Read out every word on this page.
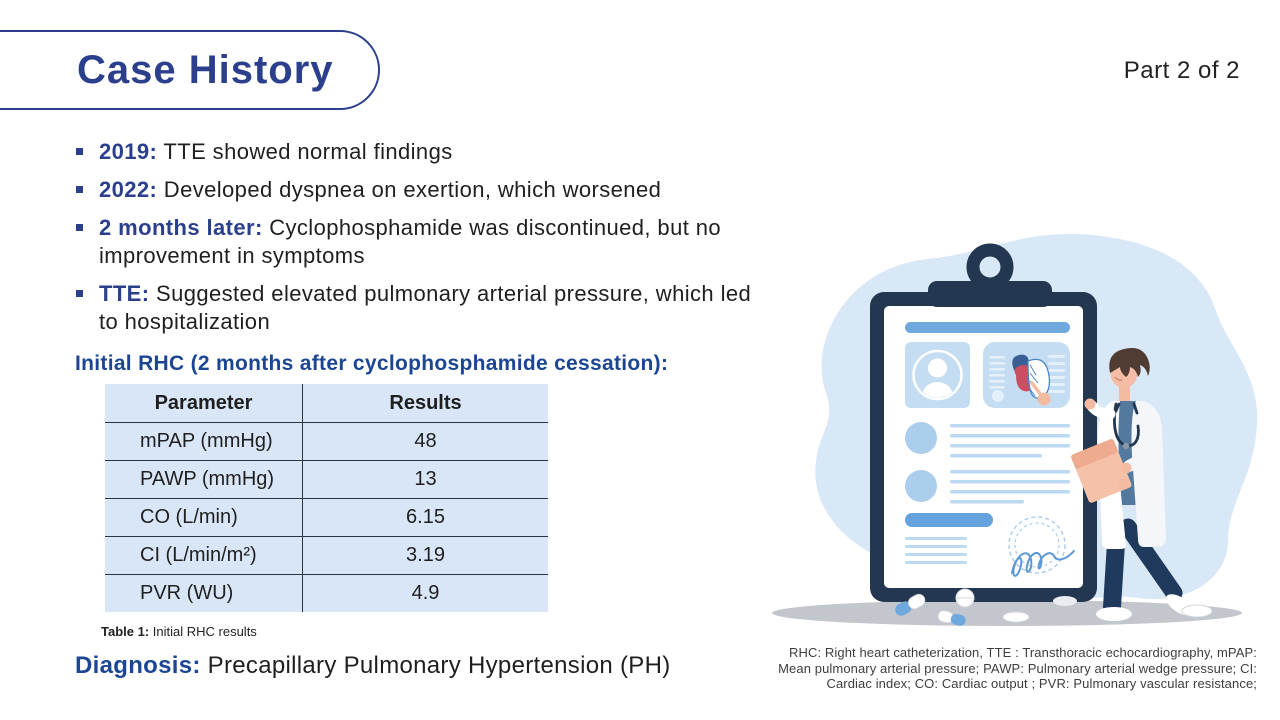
Case History	Part 2 of 2

2019: TTE showed normal findings

2022: Developed dyspnea on exertion, which worsened

2 months later: Cyclophosphamide was discontinued, but no improvement in symptoms

TTE: Suggested elevated pulmonary arterial pressure, which led to hospitalization

Initial RHC (2 months after cyclophosphamide cessation):
Parameter	Results
mPAP (mmHg)	48
PAWP (mmHg)	13
CO (L/min)	6.15
CI (L/min/m²)	3.19
PVR (WU)	4.9
Table 1: Initial RHC results
Diagnosis: Precapillary Pulmonary Hypertension (PH)	RHC: Right heart catheterization, TTE : Transthoracic echocardiography, mPAP: Mean pulmonary arterial pressure; PAWP: Pulmonary arterial wedge pressure; CI: Cardiac index; CO: Cardiac output ; PVR: Pulmonary vascular resistance;
